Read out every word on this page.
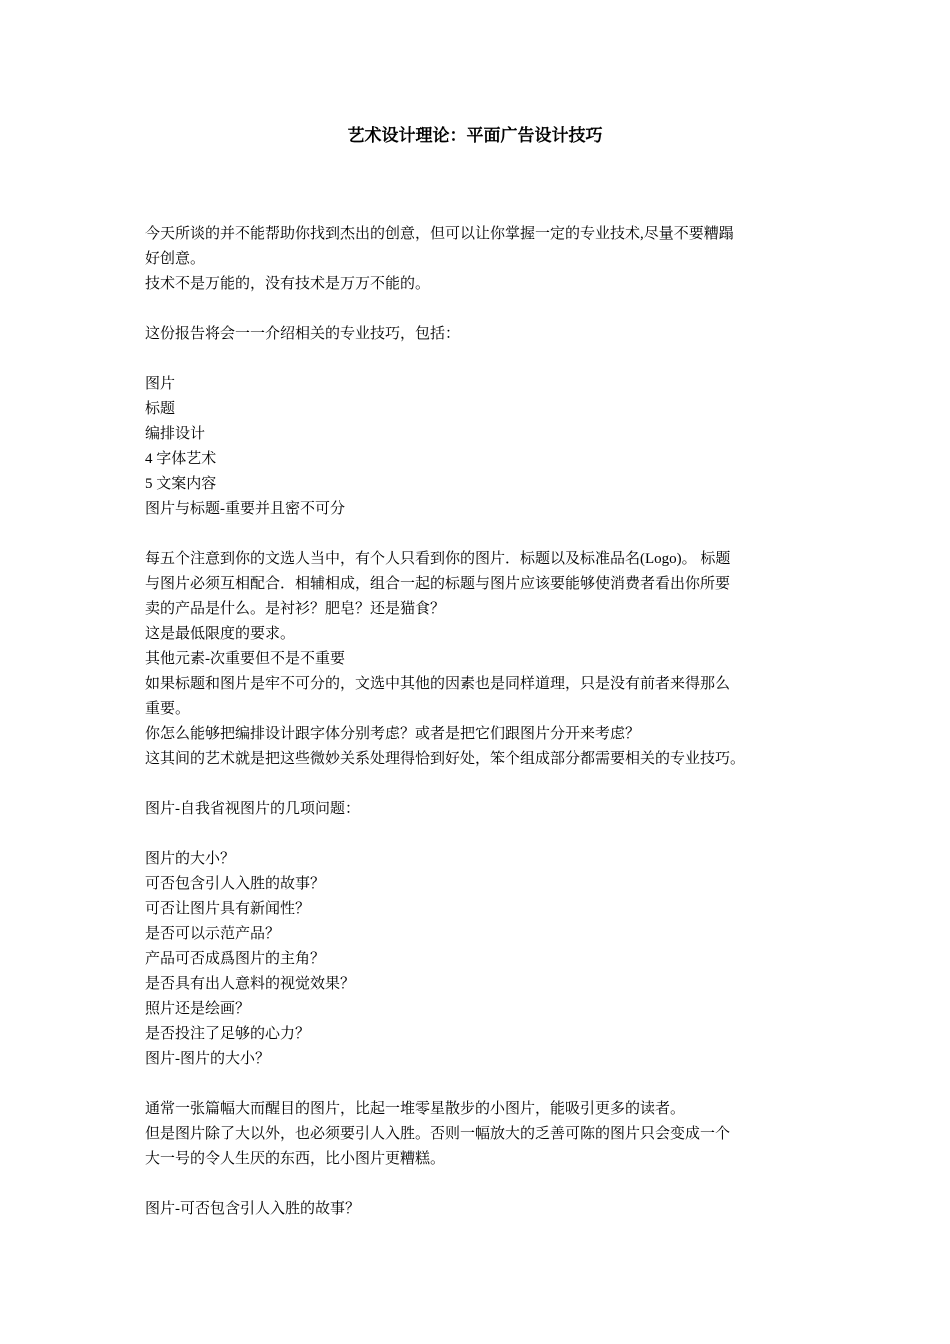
艺术设计理论：平面广告设计技巧
今天所谈的并不能帮助你找到杰出的创意，但可以让你掌握一定的专业技术,尽量不要糟蹋
好创意。
技术不是万能的，没有技术是万万不能的。
这份报告将会一一介绍相关的专业技巧，包括：
图片
标题
编排设计
4 字体艺术
5 文案内容
图片与标题-重要并且密不可分
每五个注意到你的文选人当中，有个人只看到你的图片．标题以及标准品名(Logo)。 标题
与图片必须互相配合．相辅相成，组合一起的标题与图片应该要能够使消费者看出你所要
卖的产品是什么。是衬衫？肥皂？还是猫食？
这是最低限度的要求。
其他元素-次重要但不是不重要
如果标题和图片是牢不可分的，文选中其他的因素也是同样道理，只是没有前者来得那么
重要。
你怎么能够把编排设计跟字体分别考虑？或者是把它们跟图片分开来考虑？
这其间的艺术就是把这些微妙关系处理得恰到好处，笨个组成部分都需要相关的专业技巧。
图片-自我省视图片的几项问题：
图片的大小？
可否包含引人入胜的故事？
可否让图片具有新闻性？
是否可以示范产品？
产品可否成爲图片的主角？
是否具有出人意料的视觉效果？
照片还是绘画？
是否投注了足够的心力？
图片-图片的大小？
通常一张篇幅大而醒目的图片，比起一堆零星散步的小图片，能吸引更多的读者。
但是图片除了大以外，也必须要引人入胜。否则一幅放大的乏善可陈的图片只会变成一个
大一号的令人生厌的东西，比小图片更糟糕。
图片-可否包含引人入胜的故事？
